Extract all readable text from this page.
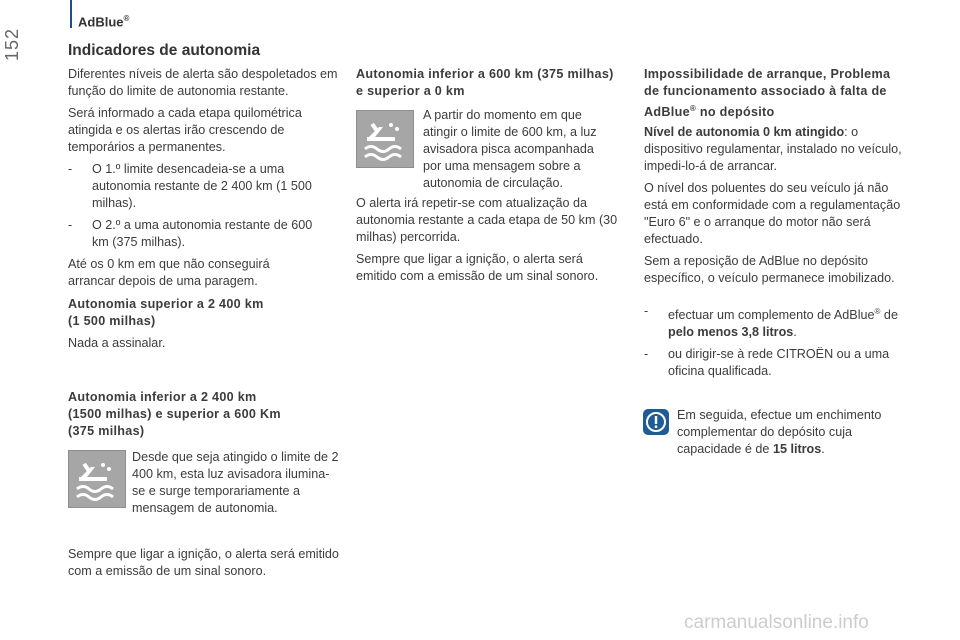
AdBlue®
152	Indicadores de autonomia

Diferentes níveis de alerta são despoletados em função do limite de autonomia restante.

Será informado a cada etapa quilométrica atingida e os alertas irão crescendo de temporários a permanentes.

- O 1.º limite desencadeia-se a uma autonomia restante de 2 400 km (1 500 milhas).

- O 2.º a uma autonomia restante de 600 km (375 milhas).

Até os 0 km em que não conseguirá arrancar depois de uma paragem.

Autonomia superior a 2 400 km

(1 500 milhas)

Nada a assinalar.

Autonomia inferior a 2 400 km

(1500 milhas) e superior a 600 Km

(375 milhas)

Desde que seja atingido o limite de 2 400 km, esta luz avisadora ilumina-se e surge temporariamente a mensagem de autonomia.
Sempre que ligar a ignição, o alerta será emitido com a emissão de um sinal sonoro.

Autonomia inferior a 600 km (375 milhas)

e superior a 0 km

A partir do momento em que atingir o limite de 600 km, a luz avisadora pisca acompanhada por uma mensagem sobre a autonomia de circulação.

O alerta irá repetir-se com atualização da autonomia restante a cada etapa de 50 km (30 milhas) percorrida.

Sempre que ligar a ignição, o alerta será emitido com a emissão de um sinal sonoro.

Impossibilidade de arranque, Problema

de funcionamento associado à falta de

AdBlue® no depósito

Nível de autonomia 0 km atingido: o dispositivo regulamentar, instalado no veículo, impedi-lo-á de arrancar.

O nível dos poluentes do seu veículo já não está em conformidade com a regulamentação "Euro 6" e o arranque do motor não será efectuado.

Sem a reposição de AdBlue no depósito específico, o veículo permanece imobilizado.

- efectuar um complemento de AdBlue® de pelo menos 3,8 litros.

- ou dirigir-se à rede CITROËN ou a uma oficina qualificada.

Em seguida, efectue um enchimento complementar do depósito cuja capacidade é de 15 litros.
carmanualsonline.info
